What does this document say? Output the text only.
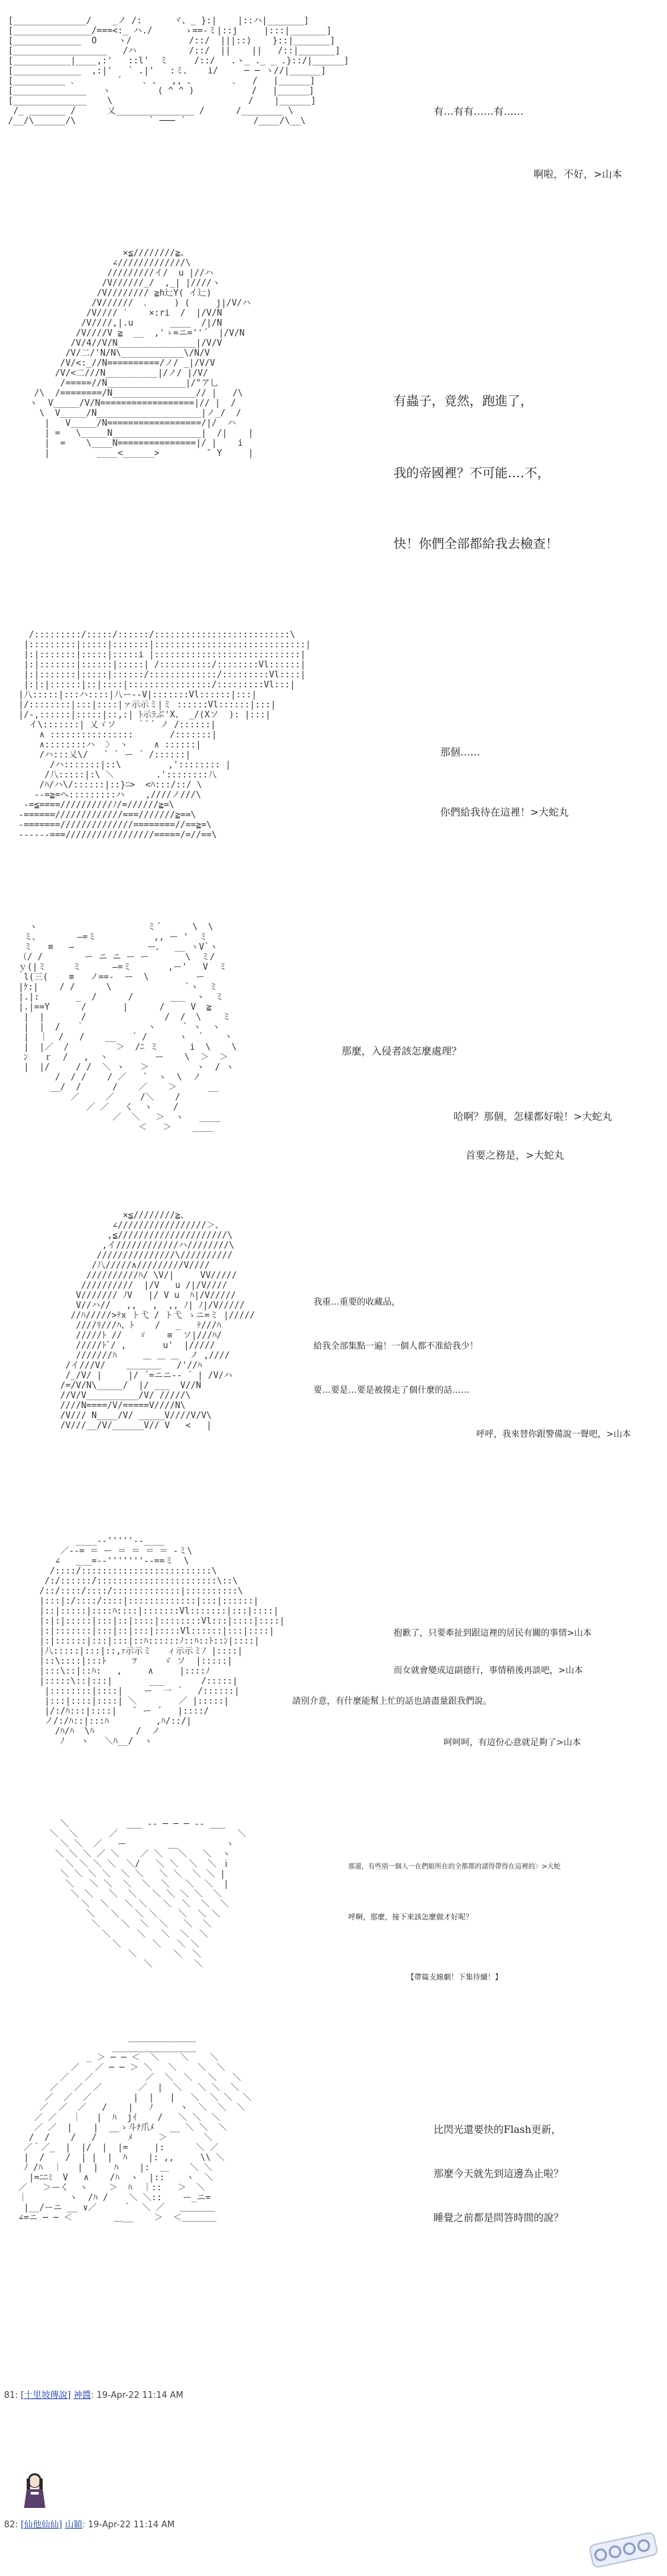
[______________/    _ノ /:      ヾ、_ }:|    |::ハ|_______]
[_______________/===<:_ ハ./      ゝ==-ミ|::j     |:::|_______]
[_____________  O    ヽ/           /::/  |||::)    }::|_______]
[__________________   /ハ          /::/  ||    ||   /::|_______]
[___________|____,:'   ::l'  ミ     /::/   .ヽ_ ._ _ .}::/|______]
[_____________  ,:|'   ` .|'   :ミ、   i/     ─ ─ ヽ//|______]
[__________ ､        ´    ､ 、  ,, 、       ､   /   |______]
[______________   ヽ         ( ^ ^ )           /   |______]
[______________    \                          /    |______]
/_ _______ /      乂_______________ /      /________ \
/__/\______/\              ` ─── ´             /____/\__\
有…有有……有……
啊啦，不好，>山本
×≦////////≧、
∠/////////////\
/////////イ/  u |//ハ
/V//////_/  ,_| |////ヽ
/V//////// ≧h辷Y( イ辷)
/V//////  ､     ) (     j|/V/ハ
/V//// ′    ×:ri  /  |/V/N
/V////,|.u       ____  /|/N
/V////V ≧  __  ,'ゝ=ニ=''´  |/V/N
/V/4//V/N_______________|/V/V
/V/二/'N/N\____________\/N/V
/V/<:_//N==========/ノ/ _|/V/V
/V/<二///N__________|/ノ/ |/V/
/=====//N_______________|/"ア乚
/\  /========/N________________// |   /\
ヽ  V_____/V/N==================|// |  /
\  V_____/N____________________|ノ_/  /
|   V_____/N==================/|/  ハ
| =   \_____N_________________|  /|    |
|  =    \____N===============|/ |    i
|         ____<______>         ″ Y     |
有蟲子，竟然，跑進了，
我的帝國裡？不可能‥‥不，
快！你們全部都給我去檢查！
/:::::::::/:::::/::::::/::::::::::::::::::::::::::\
|:::::::::|:::::|:::::::|:::::::::::::::::::::::::::::|
|:|:::::::|:::::|:::::i |::::::::::::::::::::::::::::|
|:|:::::::|::::::|:::::| /::::::::::/::::::::Vl::::::|
|:|:::::::|:::::|::::::/:::::::::::::/:::::::::Vl::::|
|:|:|::::::|::|::::|::::::::::::::::/:::::::::Vl:::|
|八:::::|:::ハ::::|八ー--V|:::::::Vl::::::|:::|
|/::::::::|:::|::::|ァ示示ミ|ミ ::::::Vl::::::|:::|
|/-,::::::|:::::|::,:| ﾄ示ﾗぶ'X、 _/(Xソ  ): |:::|
イ\:::::::| 乂ゞソ    ｀ﾞ´ ノ /::::::|
∧ ::::::::::::::::       /:::::::|
∧::::::::ハ  〉 ヽ     ∧ ::::::|
/ハ:::乂\/   ` ` ー ´ /::::::|
/ハ:::::::|::\         ,':::::::: |
/八:::::|:\ ＼        .'::::::::八
/ﾊ/ハ\/::::::|::}ﾆ>  <ﾊ:::/::/ \
--=≧=ヘ:::::::::ハ    ,////ノ///\
-=≦====//////////ﾉ/=//////≧=\
-======/////////////===///////≧==\
-=======//////////////========//==≧=\
------===/////////////////=====/=//==\
那個……
你們給我待在這裡！>大蛇丸
ヽ                     ミ´      \  \
ミ、       ―=ミ           ,, ー '  ミ
ミ   ≡   ―              ー、  __ ヽV`ヽ
（/ /        ー ニ ニ ー ー       \  ミ/
ｙ(|ミ     ミ      ―=ミ       ,ー'   V  ミ
l(三(    ≡   ノ==‐  ー  \         ー
|ｹ:|    / /      \              `ヽ  ミ
|.|:       _  /      /       ___  ヽ  ミ
|.|==Y      /       |      /     V  ≧
|  |       /               /  /  \    ミ
|  |  /   ｀            ヽ     ´ ヽ  ヽ
|  ｜  /   /    __   ´ /      ヽ  ´    丶
|  |／  /         ＞  /ﾆ ミ      i  \    \
ﾝ   ｒ  /   ,  ヽ         ー    \  ＞  ＞
|  |/     / /  ＼ ヽ   ＞         ヽ  / ヽ
/  / /    / ／   ´  ヽ  \  ノ
__/  /      /    ／    ＞      __
／     ／     /＼    /
／ ／   く  ヽ    /
／  ＼   ＞  ヽ   ____
＜   ＞    ____
那麼，入侵者該怎麼處理？
哈啊？那個，怎樣都好啦！>大蛇丸
首要之務是，>大蛇丸
×≦////////≧、
∠/////////////////＞、
,≦/////////////////////\
,イ////////////ハ////////\
///////////////\//////////
/八/////∧/////////V////
//////////ﾊ/ \V/|     VV/////
//////////  |/V   u /|/V////
V/////// ﾉV   |/ V u  ﾊ|/V/////
V//ハ//   ,,   ,  ,, ﾉ| ﾉ|/V/////
//ﾊ/////>ﾃx ト弋 / ト弋 ゝニ=ミ |/////
////ﾘ///ﾊ、ﾄ    /   _   ﾃ///ﾊ
/////ﾄ //   ゞ    ≡  ソ|///ﾊ/
/////ﾄﾞ/ ,       u'  |/////
///////ﾊ     ＿ ＿ ＿  ノ ,////
/イ///V/    ＿＿＿＿   /'//ﾊ
/_/V/ |     |/ ´=ニニ-‐ ´ | /V/ハ
/=/V/N\_____/  |/ ___  V//N
//V/V__________/V/ /////\
////N====/V/=====V////N\
/V/// N____/V/ _____V////V/V\
/V///__/V/______V// V   <   |
我重…重要的收藏品，
給我全部集點一遍！一個人都不准給我少！
要…要是…要是被摸走了個什麼的話……
呼呼，我來替你跟警備說一聲吧，>山本
____--'''''--____
／--= ＝ ー ＝ ＝ ＝ ＝ -ミ\
∠   ___=--'''''''--==ミ  \
/::::/:::::::::::::::::::::::::\
/:/::::::/:::::::::::::::::::::::\::\
/::/::::/::::/:::::::::::::|::::::::::\
|:::|:/::::/::::|:::::::::::::|:::|::::::|
|::|:::::|::::ﾊ::::|:::::::Vl:::::::|:::|::::|
|:|:|:::::|:::|::|::::|::::::::Vl:::|::::|::::|
|:|:::::::|:::|::|:::|:::::Vl::::::|:::|::::|
|:|::::::|:::|:::|::ﾊ::::::ﾉ::ﾊ::ﾄ::ﾝ|::::|
|八:::::|:::|::,ｧ示示ミ   ィ示示ミﾉ |::::|
|::\::::|:::ﾄ     ﾂ     ゞ ソ  |:::::|
|:::\::|::ﾊ:   ,     ∧     |::::ﾉ
|:::::\::|:::|       ___       /:::::|
|::::::::|::::|    ー  一 ´   /::::::|
|:::|::::|::::| ＼        ／ |:::::|
|/:/ﾊ:::|::::|   ` ー ´   |::::/
ノ/:/ﾊ::|:::ﾊ         ,ﾊ/::/|
/ﾊ/ﾊ  \ﾊ        /  ノ
ﾉ   ヽ   ＼ﾊ__/  ヽ
抱歉了，只要牽扯到跟這裡的居民有關的事情>山本
而女就會變成這副德行，事情稍後再談吧，>山本
請別介意，有什麼能幫上忙的話也請盡量跟我們說。
呵呵呵，有這份心意就足夠了>山本
＼           ___ -- ─ ─ ─ -- ___
＼  ＼      ／                       ＼
＼ ＼  ／   ー        __         ヽ
＼ ＼ ＼ ／ ＼    ／ ＼   ＼   ＼  ヽ
＼ ＼ ＼ ＼  ＼/   ＼ ＼  ＼  ＼ ｉ
＼ ＼ ＼ ＼  ＼ ＼   ＼ ＼  ＼ ＼ |
＼   ＼ ＼  ＼  ＼  ＼   ＼  ＼  |
＼ ＼   ＼  ＼   ＼ ＼ ＼ ＼  ＼
＼  ＼   ＼ ＼   ＼  ＼  ＼  ＼
＼   ＼   ＼ ＼    ＼  ＼ ＼
＼    ＼  ＼  ＼   ＼  ＼
＼     ＼   ＼  ＼  ＼
＼      ＼   ＼ ＼
＼       ＼  ＼
＼        ＼
那還，有些別一個人一在們組所在的全都都的諸得帶得在這裡的〉>大蛇
呼啊，那麼，接下來該怎麼做才好呢？
【帶篇支線劇！下集待續！】
_____________
________________
_ ＞ ─ ─ ＜  ＼    ＼    ＼
／   ／ ─ ─ ＞ ＼   ＼    ＼  ＼
／   ／          ／  ＼  ＼   ＼   ＼
／   ／  ／       ／  |  ＼   ＼ ＼  ＼
／  ／  ／        |  |   |   ＼  ＼ ＼  ＼
／  ／  ／   /    |   ﾉ     ヽ  ＼  ＼  ＼
／ ／   ｜   |  ﾊ  jｲ    /   ＼ ＼  ＼
／ ／  |    |  __ゝ斗ﾅ爪ﾒ   __ ＼ ＼  ＼
/  /    /   /      ﾒ     ＞       ＼
／｀／_  |  |/  |  |=     |:      ＼ ／
|  /    /  | |  |  ﾊ    |: ,,     \\ ＼
ﾉ /ﾊ  ｜   |  |   ﾊ    |:  ＿    ＼ ＼
|=ﾆﾆﾐ  V   ∧    /ﾊ  ヽ  |::    ヽ  ＼
／   ＞ーく  ヽ    ＞  ﾊ  ｜::   ＞  ＼
｜        ヽ  /ﾊ /    ＼ ＼::    ー_ニ=
|__/ーニ __ ∨／     ｀  ＼ ／   ＿＿＿＿
∠=ニ ─ ─ ＜        ＿__    ＞  ＜＿＿＿＿
比閃光還要快的Flash更新，
那麼今天就先到這邊為止啦？
睡覺之前都是問答時間的說？
81: [十里坡傳說] 神醬: 19-Apr-22 11:14 AM
82: [仙他仙仙] 山穎: 19-Apr-22 11:14 AM
